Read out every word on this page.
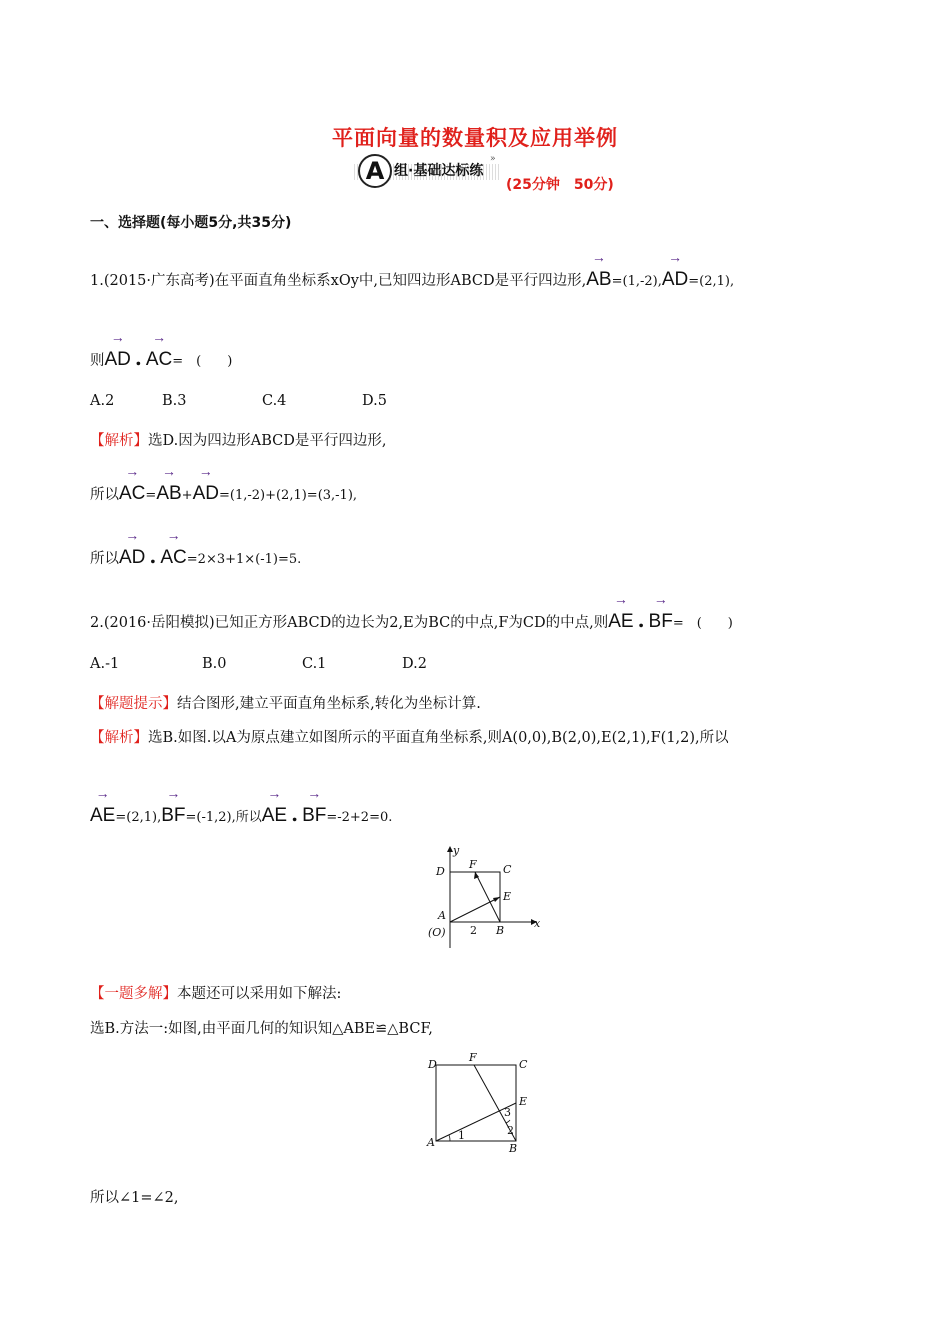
平面向量的数量积及应用举例
A 组·基础达标练
»
(25分钟　50分)
一、选择题(每小题5分,共35分)
1.(2015·广东高考)在平面直角坐标系xOy中,已知四边形ABCD是平行四边形,→ AB=(1,-2),→ AD=(2,1),
则→ AD . → AC=　(　　)
A.2	B.3	C.4	D.5
【解析】选D.因为四边形ABCD是平行四边形,
所以→ AC=→ AB+→ AD=(1,-2)+(2,1)=(3,-1),
所以→ AD . → AC=2×3+1×(-1)=5.
2.(2016·岳阳模拟)已知正方形ABCD的边长为2,E为BC的中点,F为CD的中点,则→ AE . → BF=　(　　)
A.-1	B.0	C.1	D.2
【解题提示】结合图形,建立平面直角坐标系,转化为坐标计算.
【解析】选B.如图.以A为原点建立如图所示的平面直角坐标系,则A(0,0),B(2,0),E(2,1),F(1,2),所以
→ AE=(2,1),→ BF=(-1,2),所以→ AE . → BF=-2+2=0.
y
x
D
F C
E
A
(O) 2 B
【一题多解】本题还可以采用如下解法:
选B.方法一:如图,由平面几何的知识知△ABE≌△BCF,
D
F
C
E
A	B
1	2
3
所以∠1=∠2,
